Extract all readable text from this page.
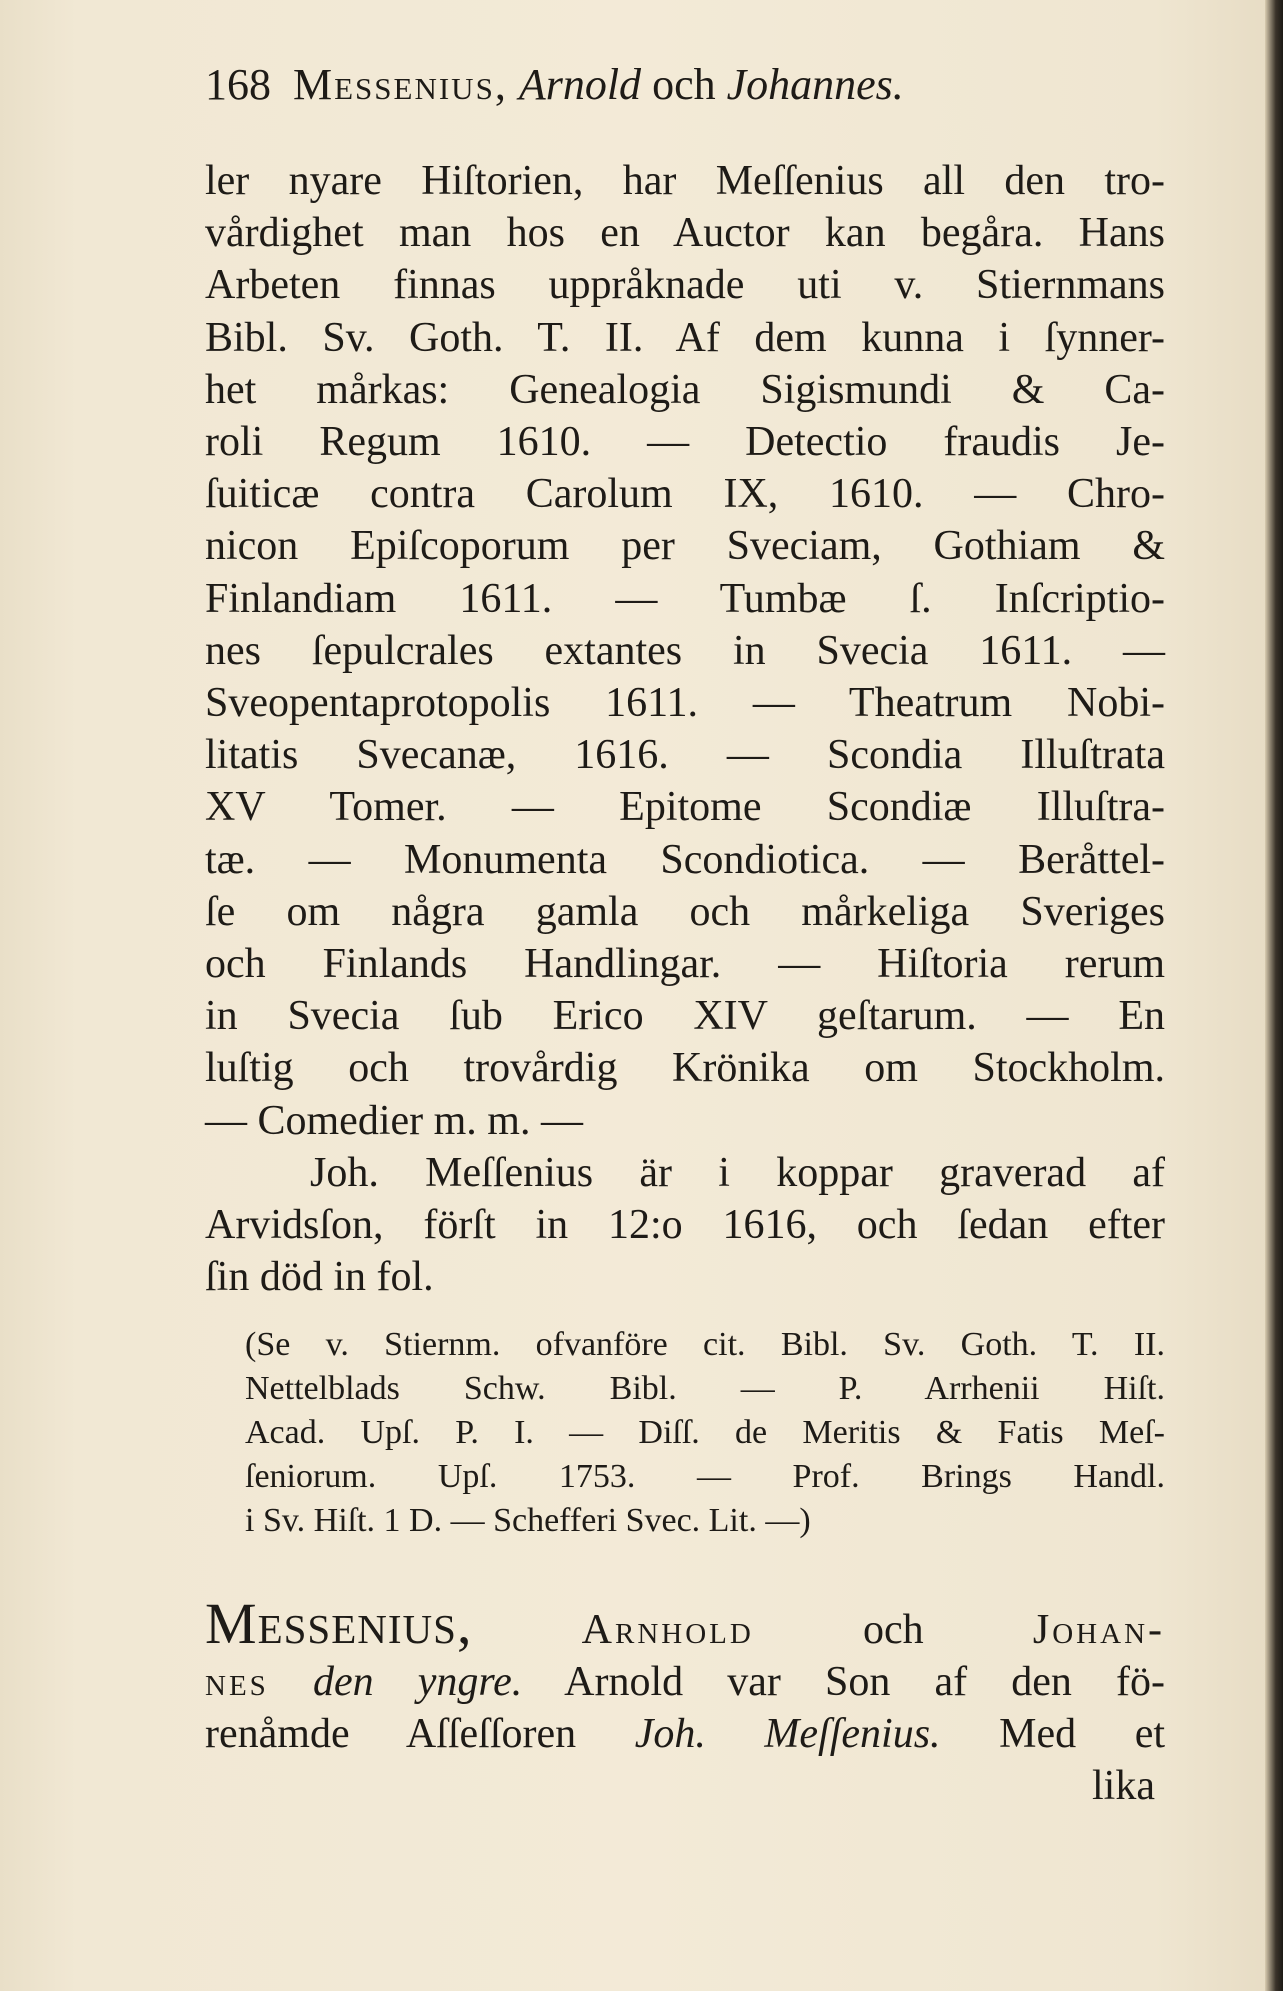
168 Messenius, Arnold och Johannes.
ler nyare Hiſtorien, har Meſſenius all den tro-
vårdighet man hos en Auctor kan begåra. Hans
Arbeten finnas uppråknade uti v. Stiernmans
Bibl. Sv. Goth. T. II. Af dem kunna i ſynner-
het mårkas: Genealogia Sigismundi & Ca-
roli Regum 1610. — Detectio fraudis Je-
ſuiticæ contra Carolum IX, 1610. — Chro-
nicon Epiſcoporum per Sveciam, Gothiam &
Finlandiam 1611. — Tumbæ ſ. Inſcriptio-
nes ſepulcrales extantes in Svecia 1611. —
Sveopentaprotopolis 1611. — Theatrum Nobi-
litatis Svecanæ, 1616. — Scondia Illuſtrata
XV Tomer. — Epitome Scondiæ Illuſtra-
tæ. — Monumenta Scondiotica. — Beråttel-
ſe om några gamla och mårkeliga Sveriges
och Finlands Handlingar. — Hiſtoria rerum
in Svecia ſub Erico XIV geſtarum. — En
luſtig och trovårdig Krönika om Stockholm.
— Comedier m. m. —
Joh. Meſſenius är i koppar graverad af
Arvidsſon, förſt in 12:o 1616, och ſedan efter
ſin död in fol.
(Se v. Stiernm. ofvanföre cit. Bibl. Sv. Goth. T. II.
Nettelblads Schw. Bibl. — P. Arrhenii Hiſt.
Acad. Upſ. P. I. — Diſſ. de Meritis & Fatis Meſ-
ſeniorum. Upſ. 1753. — Prof. Brings Handl.
i Sv. Hiſt. 1 D. — Schefferi Svec. Lit. —)
Messenius,	Arnhold	och	Johan-
nes den yngre. Arnold var Son af den fö-
renåmde Aſſeſſoren Joh. Meſſenius. Med et
lika
